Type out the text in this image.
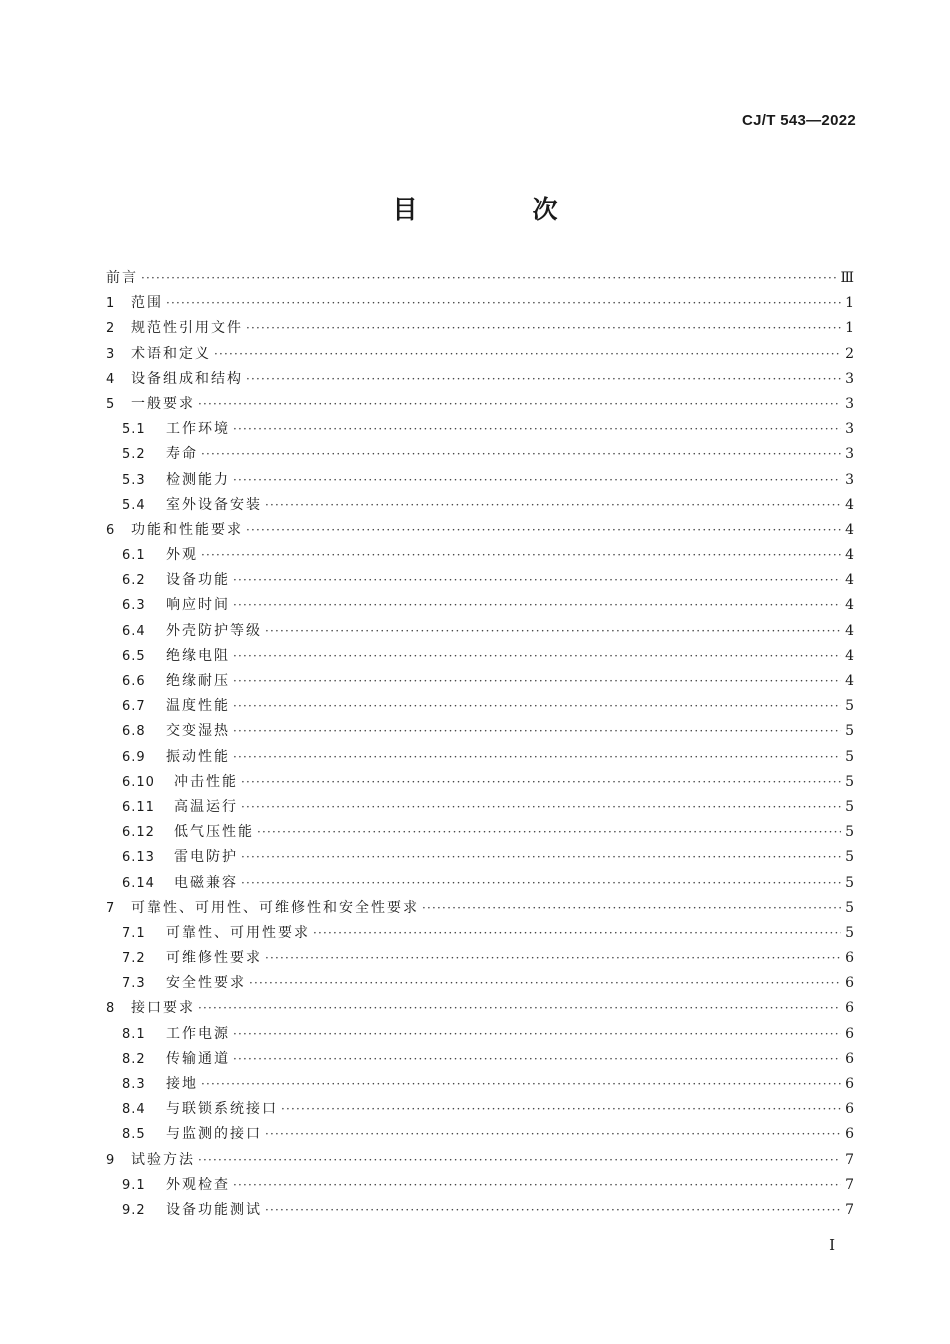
CJ/T 543—2022
目　次
前言 ·····	Ⅲ
1	范围 ·····	1
2	规范性引用文件 ·····	1
3	术语和定义 ·····	2
4	设备组成和结构 ·····	3
5	一般要求 ·····	3
5.1	工作环境 ·····	3
5.2	寿命 ·····	3
5.3	检测能力 ·····	3
5.4	室外设备安装 ·····	4
6	功能和性能要求 ·····	4
6.1	外观 ·····	4
6.2	设备功能 ·····	4
6.3	响应时间 ·····	4
6.4	外壳防护等级 ·····	4
6.5	绝缘电阻 ·····	4
6.6	绝缘耐压 ·····	4
6.7	温度性能 ·····	5
6.8	交变湿热 ·····	5
6.9	振动性能 ·····	5
6.10	冲击性能 ·····	5
6.11	高温运行 ·····	5
6.12	低气压性能 ·····	5
6.13	雷电防护 ·····	5
6.14	电磁兼容 ·····	5
7	可靠性、可用性、可维修性和安全性要求 ·····	5
7.1	可靠性、可用性要求 ·····	5
7.2	可维修性要求 ·····	6
7.3	安全性要求 ·····	6
8	接口要求 ·····	6
8.1	工作电源 ·····	6
8.2	传输通道 ·····	6
8.3	接地 ·····	6
8.4	与联锁系统接口 ·····	6
8.5	与监测的接口 ·····	6
9	试验方法 ·····	7
9.1	外观检查 ·····	7
9.2	设备功能测试 ·····	7
I
